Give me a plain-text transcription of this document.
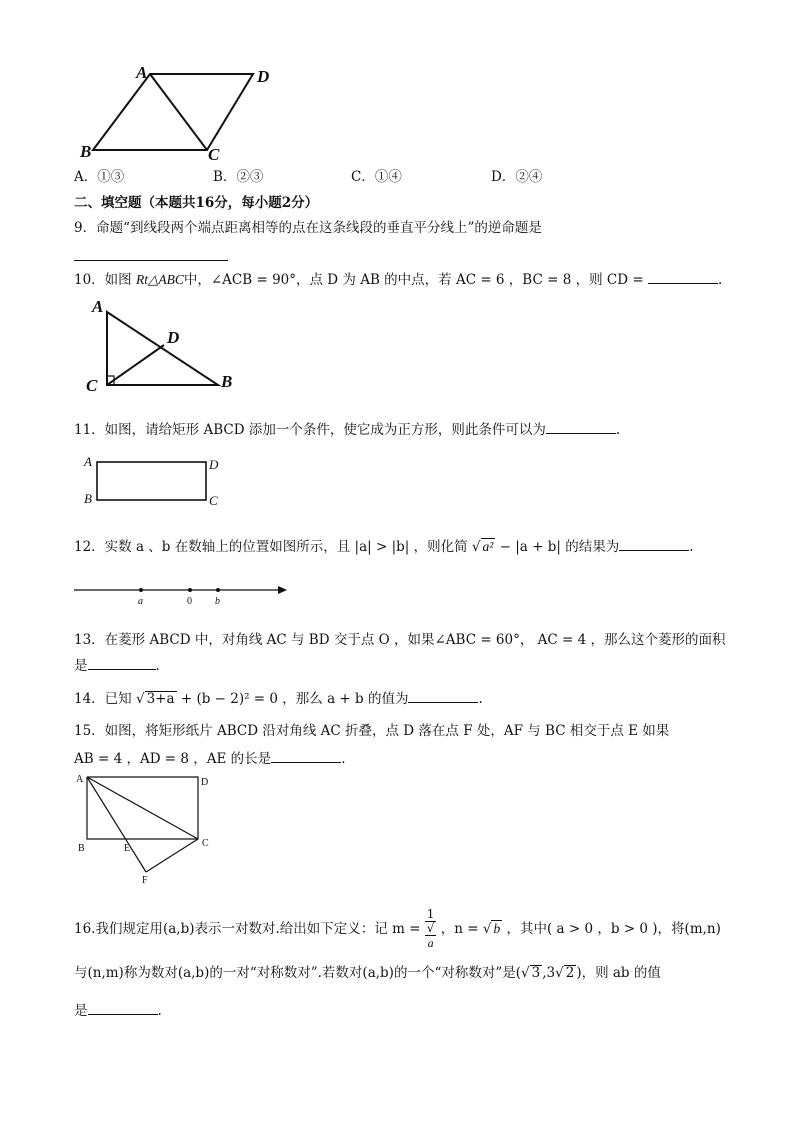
A	D
B	C
A
D
C	B
A	D
B	C
a	0 b
A	D
B	E	C
F
A．①③	B．②③	C．①④	D．②④
二、填空题（本题共16分，每小题2分）
9．命题“到线段两个端点距离相等的点在这条线段的垂直平分线上”的逆命题是
10．如图 Rt△ABC中，∠ACB = 90°，点 D 为 AB 的中点，若 AC = 6 ，BC = 8 ，则 CD =	.
11．如图，请给矩形 ABCD 添加一个条件，使它成为正方形，则此条件可以为	.
12．实数 a 、b 在数轴上的位置如图所示，且 |a| > |b| ，则化简 √ a² − |a + b| 的结果为	.
13．在菱形 ABCD 中，对角线 AC 与 BD 交于点 O ，如果∠ABC = 60°， AC = 4 ，那么这个菱形的面积
是	.
14．已知 √ 3+a + (b − 2)² = 0 ，那么 a + b 的值为	.
15．如图，将矩形纸片 ABCD 沿对角线 AC 折叠，点 D 落在点 F 处，AF 与 BC 相交于点 E 如果
AB = 4 ，AD = 8 ，AE 的长是	.
16.我们规定用(a,b)表示一对数对.给出如下定义：记 m = 1
√
a ，n = √ b ，其中( a > 0 ，b > 0 )，将(m,n)
与(n,m)称为数对(a,b)的一对“对称数对”.若数对(a,b)的一个“对称数对”是(√ 3 ,3√ 2 )，则 ab 的值
是	.
